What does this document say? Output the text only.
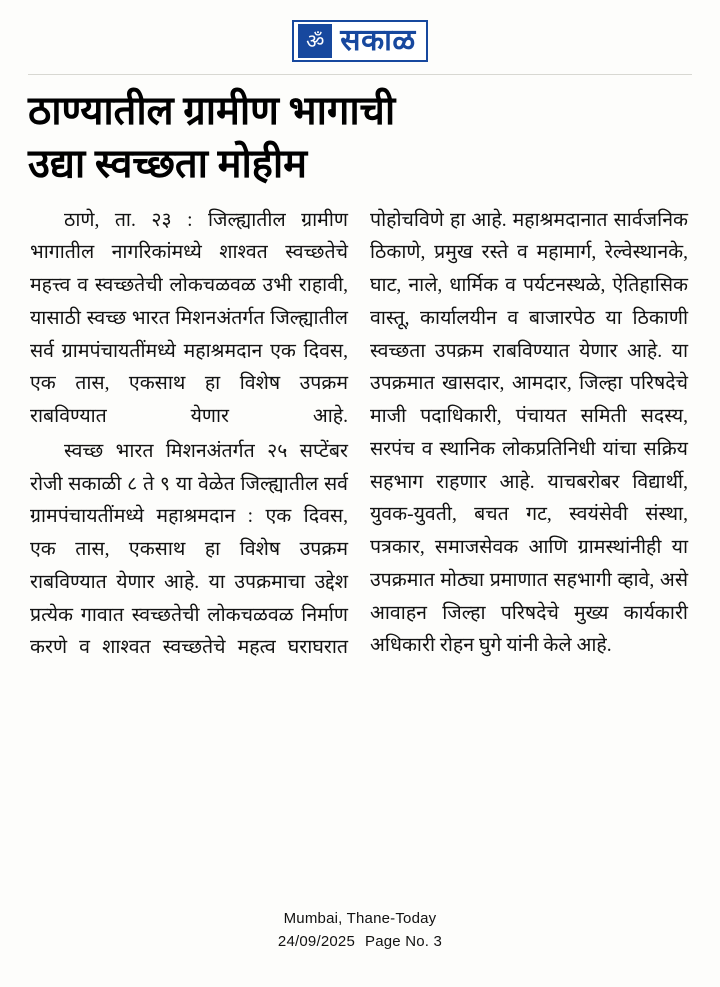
ॐ सकाळ
ठाण्यातील ग्रामीण भागाची
उद्या स्वच्छता मोहीम

ठाणे, ता. २३ : जिल्ह्यातील ग्रामीण भागातील नागरिकांमध्ये शाश्वत स्वच्छतेचे महत्त्व व स्वच्छतेची लोकचळवळ उभी राहावी, यासाठी स्वच्छ भारत मिशनअंतर्गत जिल्ह्यातील सर्व ग्रामपंचायतींमध्ये महाश्रमदान एक दिवस, एक तास, एकसाथ हा विशेष उपक्रम राबविण्यात येणार आहे.

स्वच्छ भारत मिशनअंतर्गत २५ सप्टेंबर रोजी सकाळी ८ ते ९ या वेळेत जिल्ह्यातील सर्व ग्रामपंचायतींमध्ये महाश्रमदान : एक दिवस, एक तास, एकसाथ हा विशेष उपक्रम राबविण्यात येणार आहे. या उपक्रमाचा उद्देश प्रत्येक गावात स्वच्छतेची लोकचळवळ निर्माण करणे व शाश्वत स्वच्छतेचे महत्व घराघरात

पोहोचविणे हा आहे. महाश्रमदानात सार्वजनिक ठिकाणे, प्रमुख रस्ते व महामार्ग, रेल्वेस्थानके, घाट, नाले, धार्मिक व पर्यटनस्थळे, ऐतिहासिक वास्तू, कार्यालयीन व बाजारपेठ या ठिकाणी स्वच्छता उपक्रम राबविण्यात येणार आहे. या उपक्रमात खासदार, आमदार, जिल्हा परिषदेचे माजी पदाधिकारी, पंचायत समिती सदस्य, सरपंच व स्थानिक लोकप्रतिनिधी यांचा सक्रिय सहभाग राहणार आहे. याचबरोबर विद्यार्थी, युवक-युवती, बचत गट, स्वयंसेवी संस्था, पत्रकार, समाजसेवक आणि ग्रामस्थांनीही या उपक्रमात मोठ्या प्रमाणात सहभागी व्हावे, असे आवाहन जिल्हा परिषदेचे मुख्य कार्यकारी अधिकारी रोहन घुगे यांनी केले आहे.

Mumbai, Thane-Today
24/09/2025 Page No. 3
